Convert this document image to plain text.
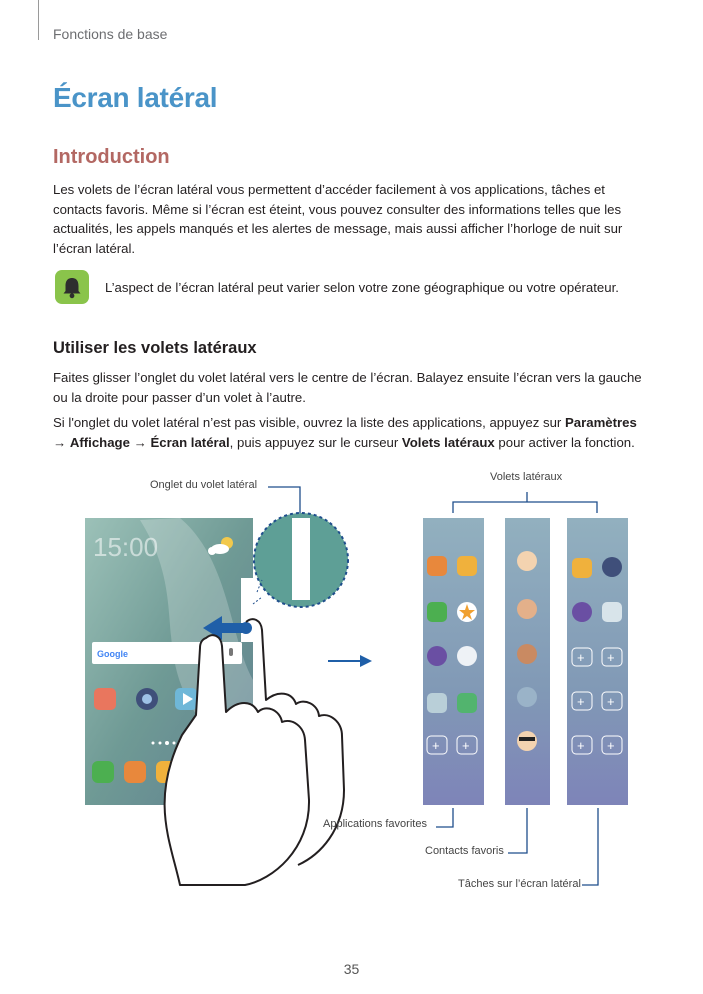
Fonctions de base
Écran latéral
Introduction
Les volets de l’écran latéral vous permettent d’accéder facilement à vos applications, tâches et contacts favoris. Même si l’écran est éteint, vous pouvez consulter des informations telles que les actualités, les appels manqués et les alertes de message, mais aussi afficher l’horloge de nuit sur l’écran latéral.
L’aspect de l’écran latéral peut varier selon votre zone géographique ou votre opérateur.
Utiliser les volets latéraux
Faites glisser l’onglet du volet latéral vers le centre de l’écran. Balayez ensuite l’écran vers la gauche ou la droite pour passer d’un volet à l’autre.
Si l'onglet du volet latéral n’est pas visible, ouvrez la liste des applications, appuyez sur Paramètres → Affichage → Écran latéral, puis appuyez sur le curseur Volets latéraux pour activer la fonction.
15:00
Google
+ +
+ +
+ +
+ +
Onglet du volet latéral
Volets latéraux
Applications favorites
Contacts favoris
Tâches sur l’écran latéral
35
